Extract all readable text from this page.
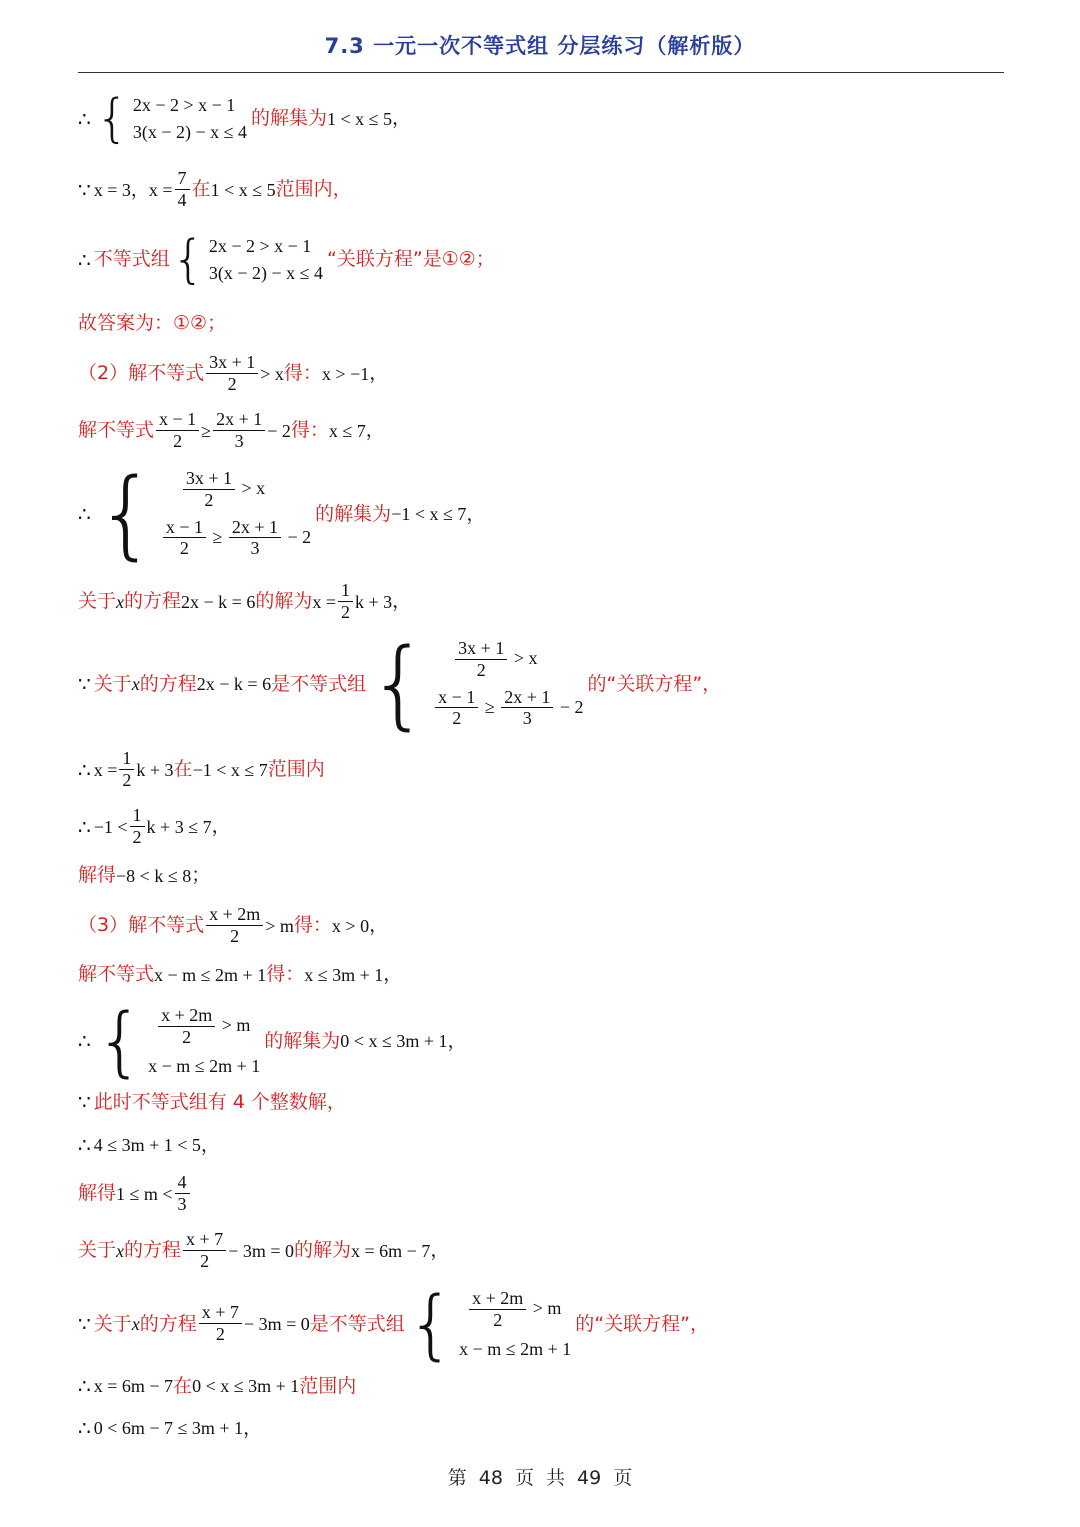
7.3 一元一次不等式组 分层练习（解析版）
∴ { 2x − 2 > x − 1
3(x − 2) − x ≤ 4
的解集为 1 < x ≤ 5 ，
∵ x = 3，$x = \frac{7}{4}$ 在 1 < x ≤ 5 范围内，
∴ 不等式组 { 2x − 2 > x − 1
3(x − 2) − x ≤ 4
“关联方程”是①②；
故答案为：①②；
（2）解不等式 $\frac{3x + 1}{2} > x$ 得： x > −1 ，
解不等式 $\frac{x - 1}{2} \ge \frac{2x + 1}{3} - 2$ 得： x ≤ 7 ，
∴ { $\frac{3x + 1}{2} > x$
$\frac{x - 1}{2} \ge \frac{2x + 1}{3} - 2$
的解集为 −1 < x ≤ 7 ，
关于 x 的方程 2x − k = 6 的解为 $x = \frac{1}{2}$ k + 3 ，
∵ 关于 x 的方程 2x − k = 6 是不等式组 { $\frac{3x + 1}{2} > x$
$\frac{x - 1}{2} \ge \frac{2x + 1}{3} - 2$
的“关联方程”，
∴ $x = \frac{1}{2}$ k + 3 在 −1 < x ≤ 7 范围内
∴ $-1 < \frac{1}{2}$ k + 3 ≤ 7 ，
解得 −8 < k ≤ 8 ；
（3）解不等式 $\frac{x + 2m}{2} > m$ 得： x > 0 ，
解不等式 x − m ≤ 2m + 1 得： x ≤ 3m + 1 ，
∴ { $\frac{x + 2m}{2} > m$
x − m ≤ 2m + 1
的解集为 0 < x ≤ 3m + 1 ，
∵ 此时不等式组有 4 个整数解，
∴ 4 ≤ 3m + 1 < 5 ，
解得 $1 \le m < \frac{4}{3}$
关于 x 的方程 $\frac{x + 7}{2} - 3m = 0$ 的解为 x = 6m − 7 ，
∵ 关于 x 的方程 $\frac{x + 7}{2} - 3m = 0$ 是不等式组 { $\frac{x + 2m}{2} > m$
x − m ≤ 2m + 1
的“关联方程”，
∴ x = 6m − 7 在 0 < x ≤ 3m + 1 范围内
∴ 0 < 6m − 7 ≤ 3m + 1 ，
第 48 页 共 49 页
